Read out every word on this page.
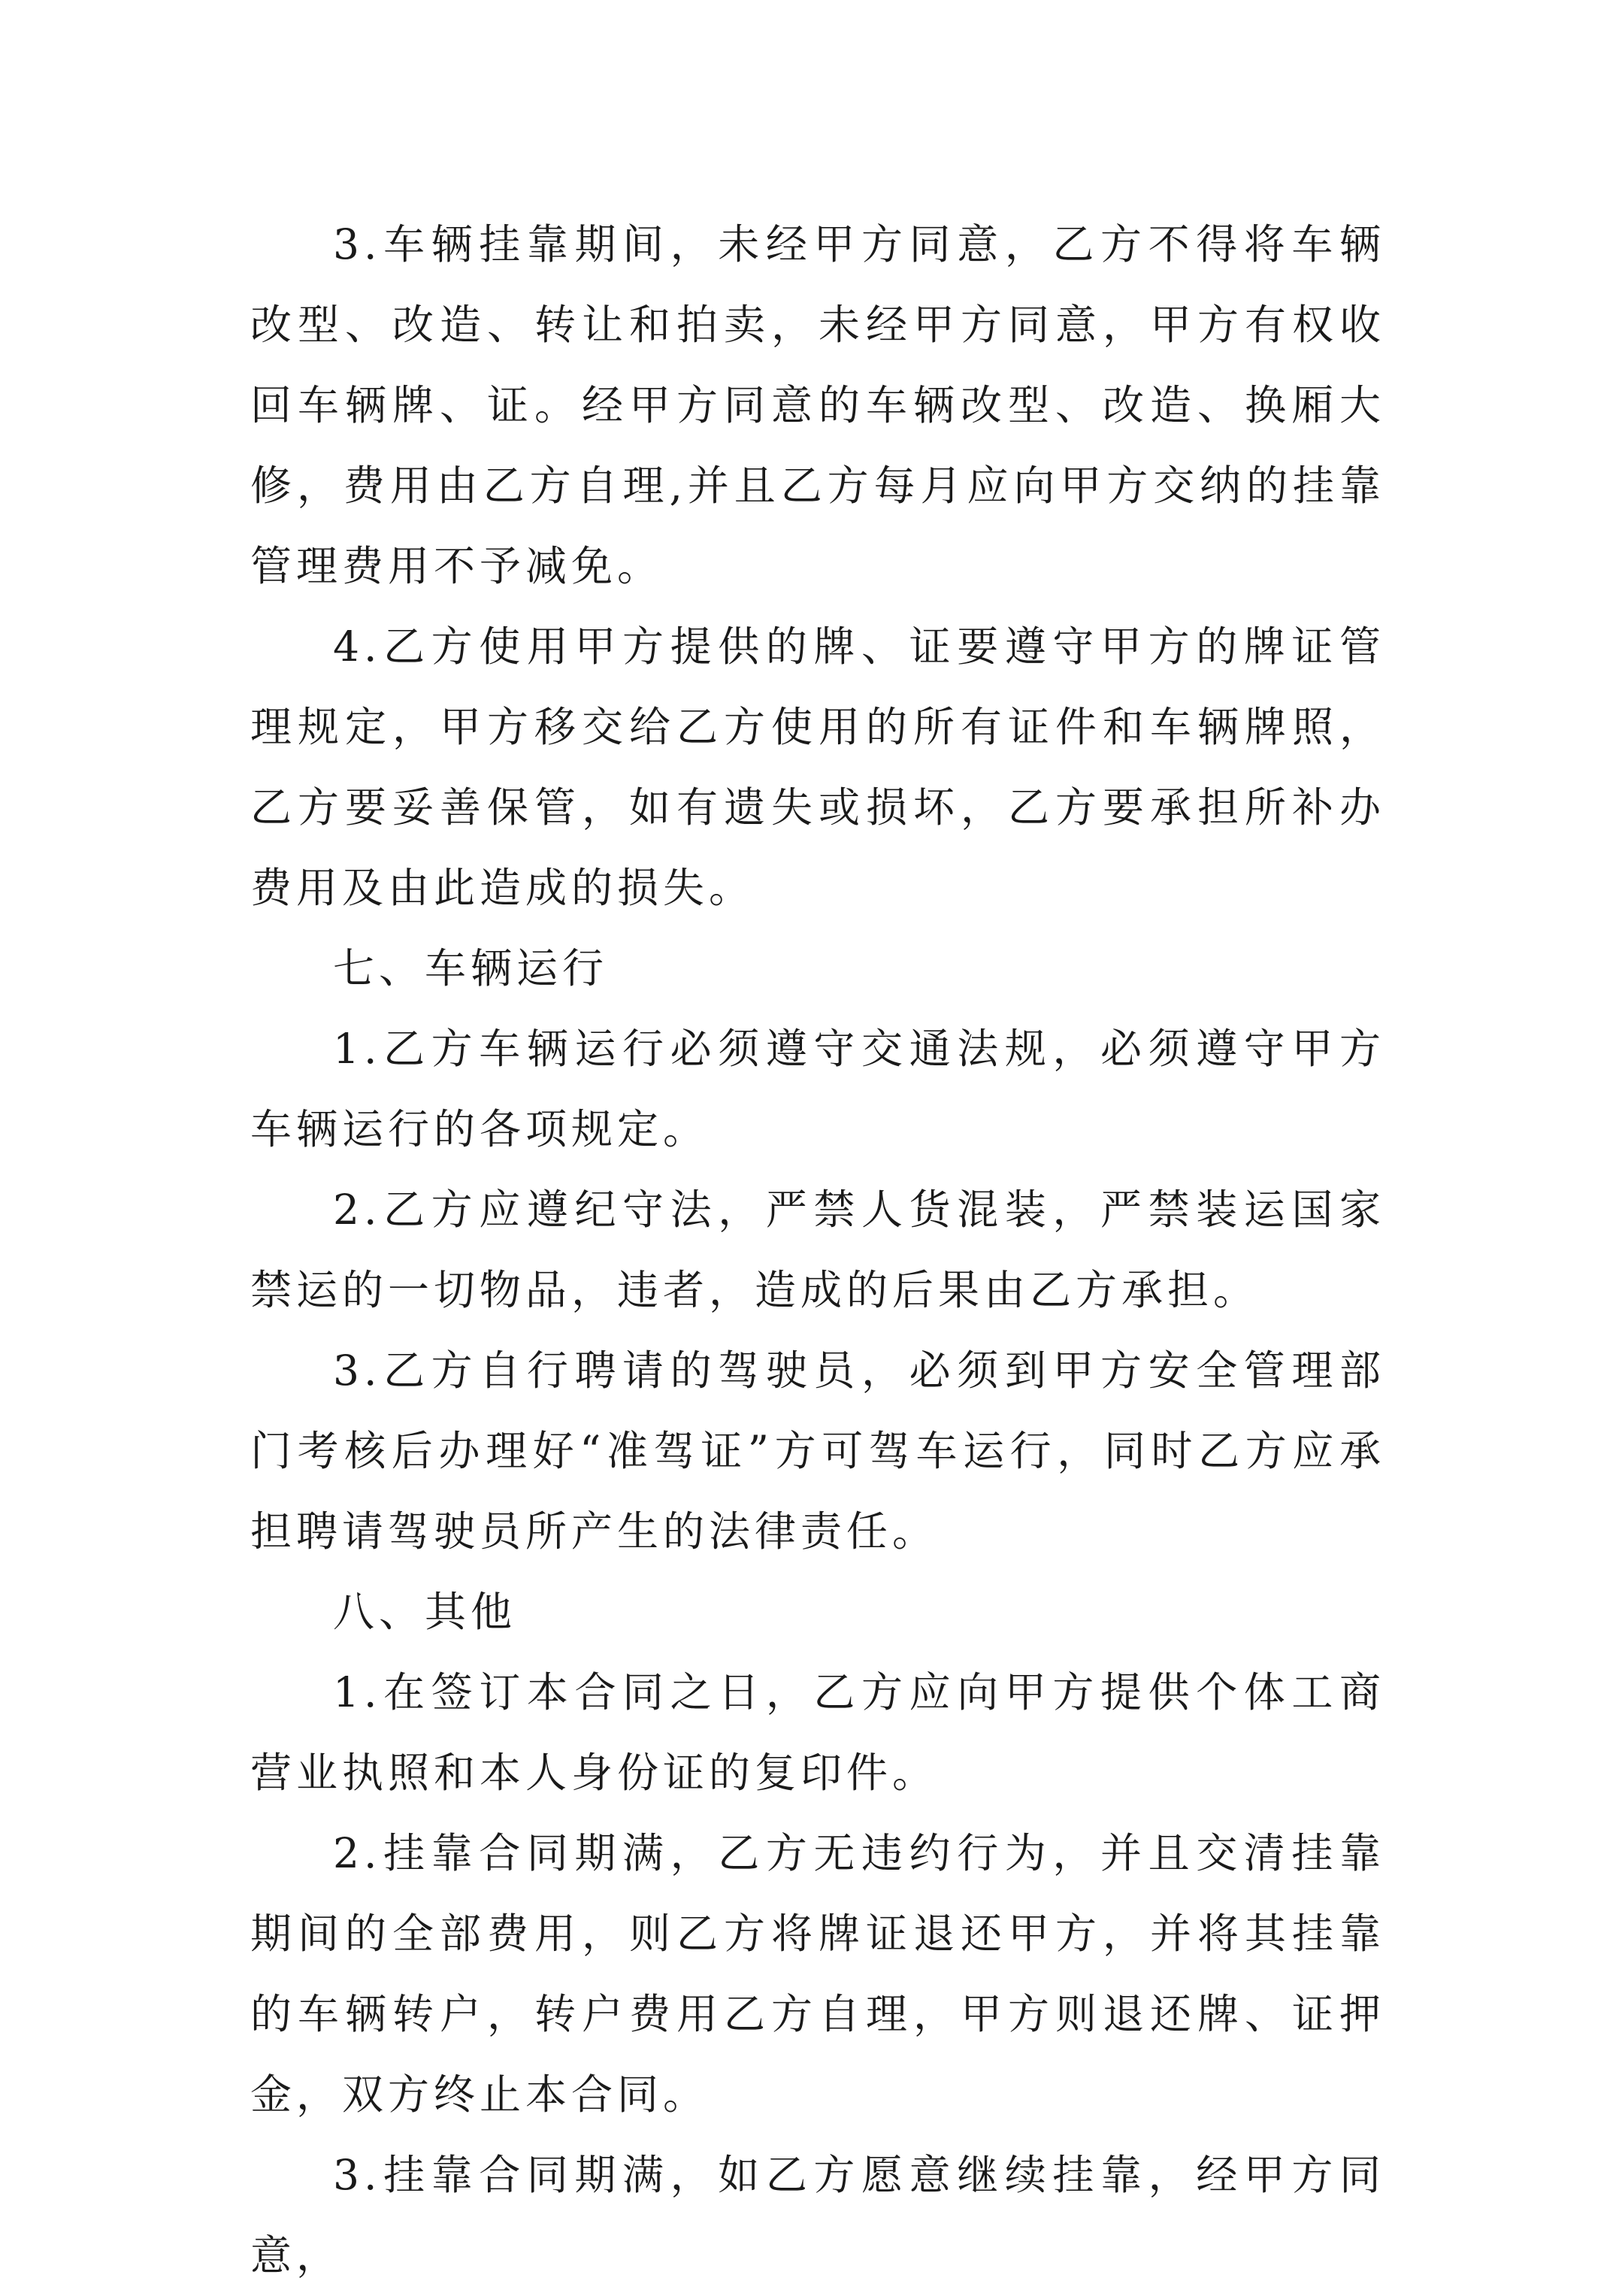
3.车辆挂靠期间，未经甲方同意，乙方不得将车辆改型、改造、转让和拍卖，未经甲方同意，甲方有权收回车辆牌、证。经甲方同意的车辆改型、改造、换厢大修，费用由乙方自理,并且乙方每月应向甲方交纳的挂靠管理费用不予减免。

4.乙方使用甲方提供的牌、证要遵守甲方的牌证管理规定，甲方移交给乙方使用的所有证件和车辆牌照，乙方要妥善保管，如有遗失或损坏，乙方要承担所补办费用及由此造成的损失。

七、车辆运行

1.乙方车辆运行必须遵守交通法规，必须遵守甲方车辆运行的各项规定。

2.乙方应遵纪守法，严禁人货混装，严禁装运国家禁运的一切物品，违者，造成的后果由乙方承担。

3.乙方自行聘请的驾驶员，必须到甲方安全管理部门考核后办理好“准驾证”方可驾车运行，同时乙方应承担聘请驾驶员所产生的法律责任。

八、其他

1.在签订本合同之日，乙方应向甲方提供个体工商营业执照和本人身份证的复印件。

2.挂靠合同期满，乙方无违约行为，并且交清挂靠期间的全部费用，则乙方将牌证退还甲方，并将其挂靠的车辆转户，转户费用乙方自理，甲方则退还牌、证押金，双方终止本合同。

3.挂靠合同期满，如乙方愿意继续挂靠，经甲方同意，
